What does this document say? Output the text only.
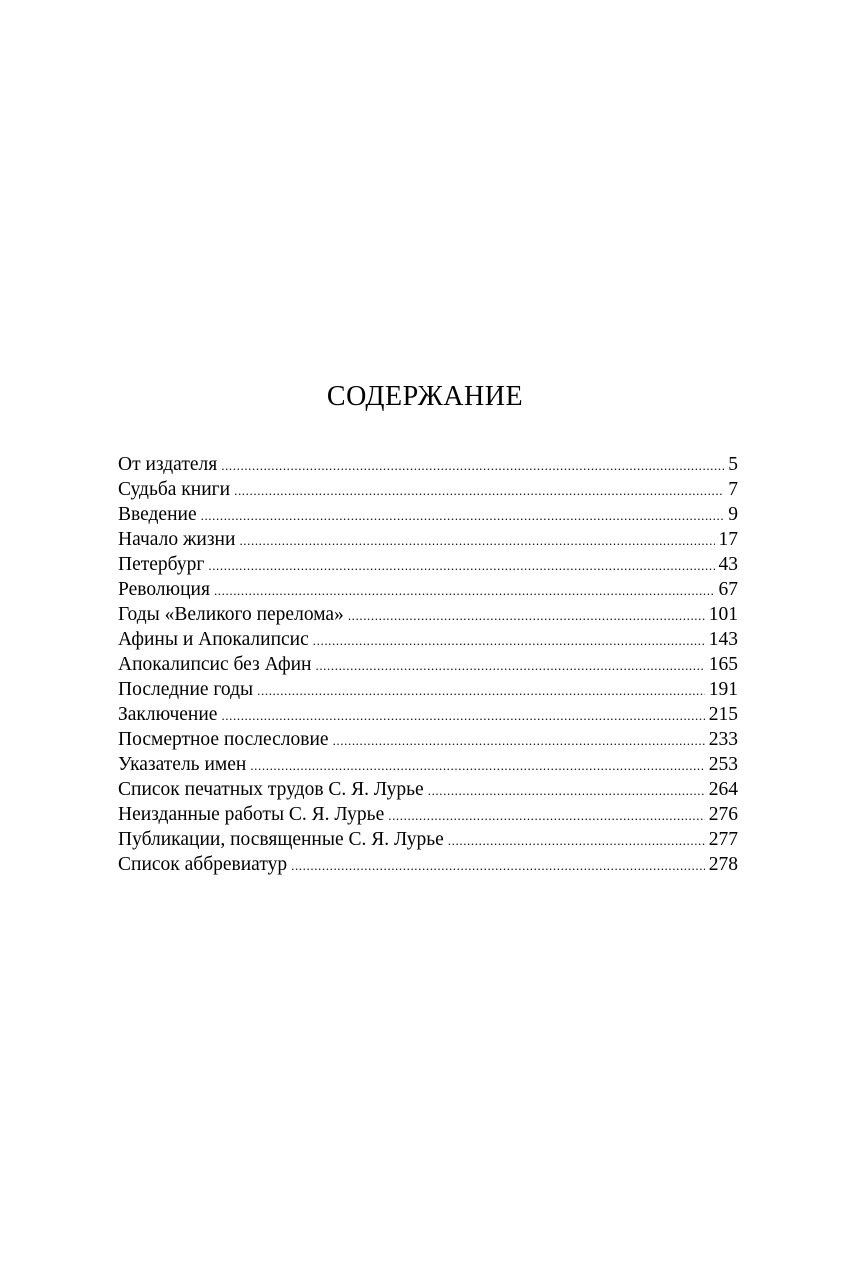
СОДЕРЖАНИЕ
От издателя .....	5
Судьба книги .....	7
Введение .....	9
Начало жизни .....	17
Петербург .....	43
Революция .....	67
Годы «Великого перелома» .....	101
Афины и Апокалипсис .....	143
Апокалипсис без Афин .....	165
Последние годы .....	191
Заключение .....	215
Посмертное послесловие .....	233
Указатель имен .....	253
Список печатных трудов С. Я. Лурье .....	264
Неизданные работы С. Я. Лурье .....	276
Публикации, посвященные С. Я. Лурье .....	277
Список аббревиатур .....	278
